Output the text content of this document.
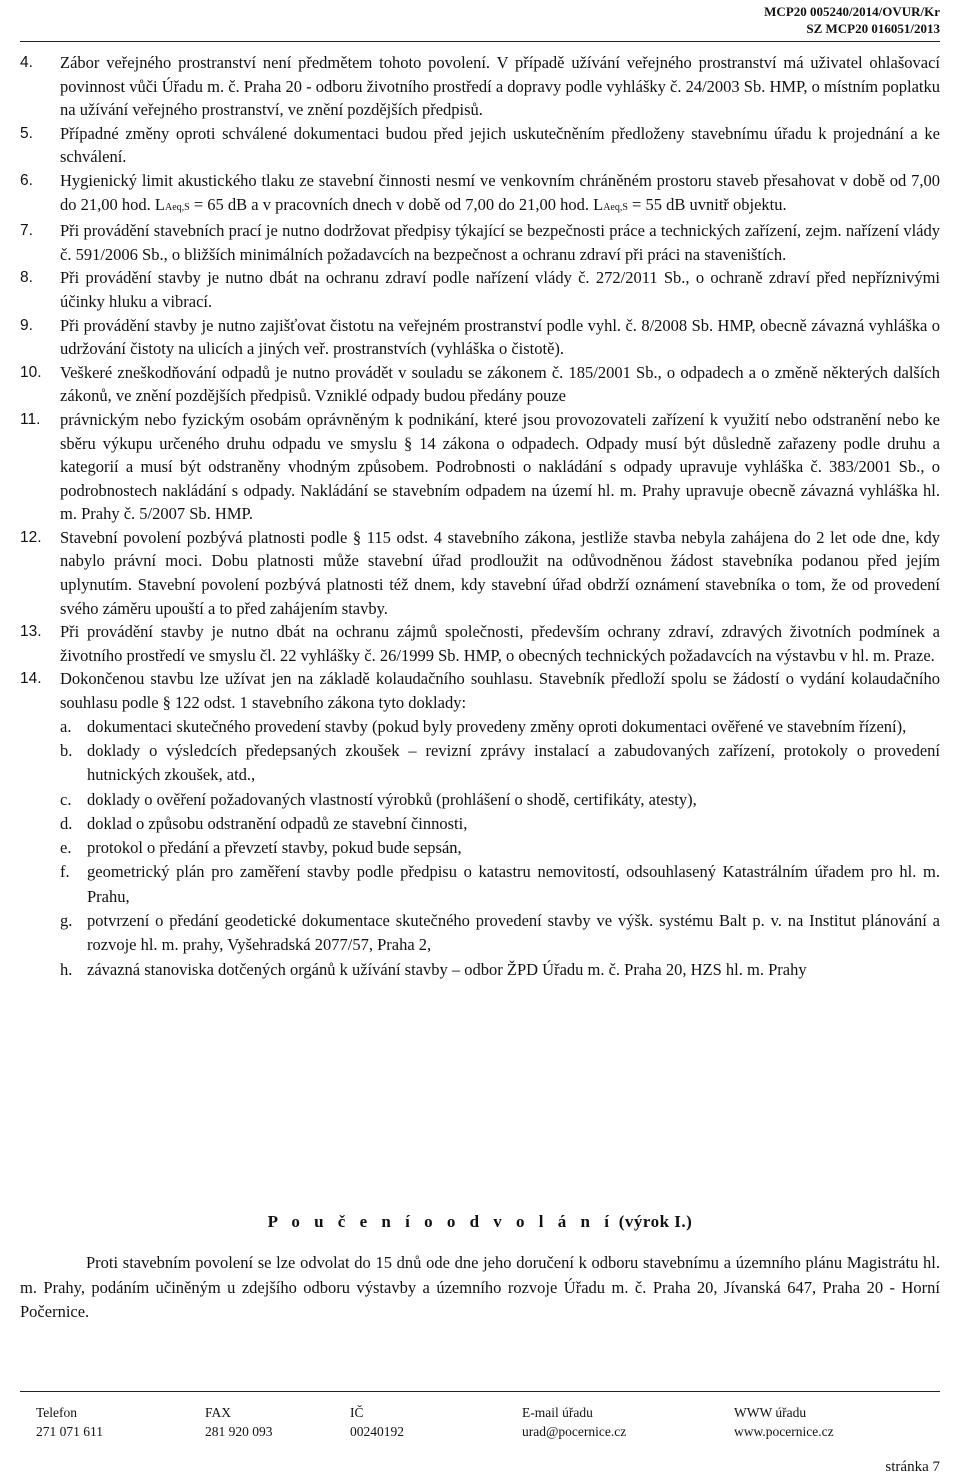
MCP20 005240/2014/OVUR/Kr
SZ MCP20 016051/2013
4. Zábor veřejného prostranství není předmětem tohoto povolení. V případě užívání veřejného prostranství má uživatel ohlašovací povinnost vůči Úřadu m. č. Praha 20 - odboru životního prostředí a dopravy podle vyhlášky č. 24/2003 Sb. HMP, o místním poplatku na užívání veřejného prostranství, ve znění pozdějších předpisů.
5. Případné změny oproti schválené dokumentaci budou před jejich uskutečněním předloženy stavebnímu úřadu k projednání a ke schválení.
6. Hygienický limit akustického tlaku ze stavební činnosti nesmí ve venkovním chráněném prostoru staveb přesahovat v době od 7,00 do 21,00 hod. LAeq,S = 65 dB a v pracovních dnech v době od 7,00 do 21,00 hod. LAeq,S = 55 dB uvnitř objektu.
7. Při provádění stavebních prací je nutno dodržovat předpisy týkající se bezpečnosti práce a technických zařízení, zejm. nařízení vlády č. 591/2006 Sb., o bližších minimálních požadavcích na bezpečnost a ochranu zdraví při práci na staveništích.
8. Při provádění stavby je nutno dbát na ochranu zdraví podle nařízení vlády č. 272/2011 Sb., o ochraně zdraví před nepříznivými účinky hluku a vibrací.
9. Při provádění stavby je nutno zajišťovat čistotu na veřejném prostranství podle vyhl. č. 8/2008 Sb. HMP, obecně závazná vyhláška o udržování čistoty na ulicích a jiných veř. prostranstvích (vyhláška o čistotě).
10. Veškeré zneškodňování odpadů je nutno provádět v souladu se zákonem č. 185/2001 Sb., o odpadech a o změně některých dalších zákonů, ve znění pozdějších předpisů. Vzniklé odpady budou předány pouze
11. právnickým nebo fyzickým osobám oprávněným k podnikání, které jsou provozovateli zařízení k využití nebo odstranění nebo ke sběru výkupu určeného druhu odpadu ve smyslu § 14 zákona o odpadech. Odpady musí být důsledně zařazeny podle druhu a kategorií a musí být odstraněny vhodným způsobem. Podrobnosti o nakládání s odpady upravuje vyhláška č. 383/2001 Sb., o podrobnostech nakládání s odpady. Nakládání se stavebním odpadem na území hl. m. Prahy upravuje obecně závazná vyhláška hl. m. Prahy č. 5/2007 Sb. HMP.
12. Stavební povolení pozbývá platnosti podle § 115 odst. 4 stavebního zákona, jestliže stavba nebyla zahájena do 2 let ode dne, kdy nabylo právní moci. Dobu platnosti může stavební úřad prodloužit na odůvodněnou žádost stavebníka podanou před jejím uplynutím. Stavební povolení pozbývá platnosti též dnem, kdy stavební úřad obdrží oznámení stavebníka o tom, že od provedení svého záměru upouští a to před zahájením stavby.
13. Při provádění stavby je nutno dbát na ochranu zájmů společnosti, především ochrany zdraví, zdravých životních podmínek a životního prostředí ve smyslu čl. 22 vyhlášky č. 26/1999 Sb. HMP, o obecných technických požadavcích na výstavbu v hl. m. Praze.
14. Dokončenou stavbu lze užívat jen na základě kolaudačního souhlasu. Stavebník předloží spolu se žádostí o vydání kolaudačního souhlasu podle § 122 odst. 1 stavebního zákona tyto doklady:
a. dokumentaci skutečného provedení stavby (pokud byly provedeny změny oproti dokumentaci ověřené ve stavebním řízení),
b. doklady o výsledcích předepsaných zkoušek – revizní zprávy instalací a zabudovaných zařízení, protokoly o provedení hutnických zkoušek, atd.,
c. doklady o ověření požadovaných vlastností výrobků (prohlášení o shodě, certifikáty, atesty),
d. doklad o způsobu odstranění odpadů ze stavební činnosti,
e. protokol o předání a převzetí stavby, pokud bude sepsán,
f. geometrický plán pro zaměření stavby podle předpisu o katastru nemovitostí, odsouhlasený Katastrálním úřadem pro hl. m. Prahu,
g. potvrzení o předání geodetické dokumentace skutečného provedení stavby ve výšk. systému Balt p. v. na Institut plánování a rozvoje hl. m. prahy, Vyšehradská 2077/57, Praha 2,
h. závazná stanoviska dotčených orgánů k užívání stavby – odbor ŽPD Úřadu m. č. Praha 20, HZS hl. m. Prahy
P o u č e n í o o d v o l á n í (výrok I.)
Proti stavebním povolení se lze odvolat do 15 dnů ode dne jeho doručení k odboru stavebnímu a územního plánu Magistrátu hl. m. Prahy, podáním učiněným u zdejšího odboru výstavby a územního rozvoje Úřadu m. č. Praha 20, Jívanská 647, Praha 20 - Horní Počernice.
Telefon
271 071 611
FAX
281 920 093
IČ
00240192
E-mail úřadu
urad@pocernice.cz
WWW úřadu
www.pocernice.cz
stránka 7
